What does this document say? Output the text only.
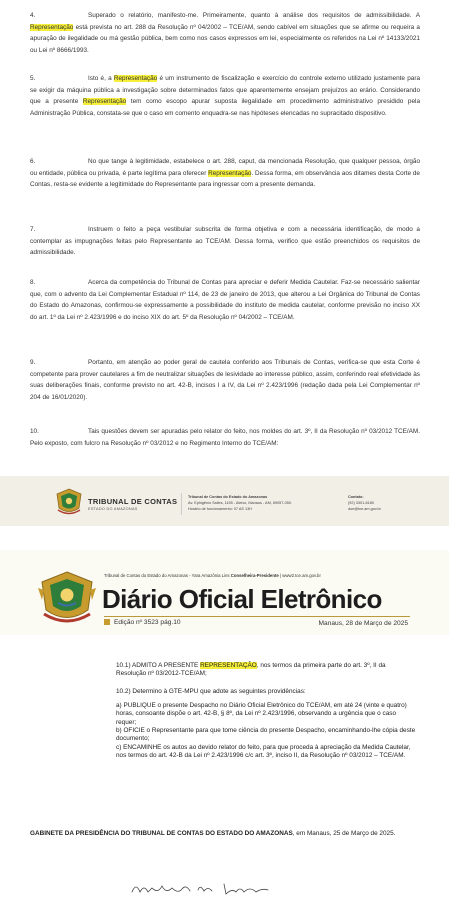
4.	Superado o relatório, manifesto-me. Primeiramente, quanto à análise dos requisitos de admissibilidade. A Representação está prevista no art. 288 da Resolução nº 04/2002 – TCE/AM, sendo cabível em situações que se afirme ou requeira a apuração de ilegalidade ou má gestão pública, bem como nos casos expressos em lei, especialmente os referidos na Lei nº 14133/2021 ou Lei nº 8666/1993.
5.	Isto é, a Representação é um instrumento de fiscalização e exercício do controle externo utilizado justamente para se exigir da máquina pública a investigação sobre determinados fatos que aparentemente ensejam prejuízos ao erário. Considerando que a presente Representação tem como escopo apurar suposta ilegalidade em procedimento administrativo presidido pela Administração Pública, constata-se que o caso em comento enquadra-se nas hipóteses elencadas no supracitado dispositivo.
6.	No que tange à legitimidade, estabelece o art. 288, caput, da mencionada Resolução, que qualquer pessoa, órgão ou entidade, pública ou privada, é parte legítima para oferecer Representação. Dessa forma, em observância aos ditames desta Corte de Contas, resta-se evidente a legitimidade do Representante para ingressar com a presente demanda.
7.	Instruem o feito a peça vestibular subscrita de forma objetiva e com a necessária identificação, de modo a contemplar as impugnações feitas pelo Representante ao TCE/AM. Dessa forma, verifico que estão preenchidos os requisitos de admissibilidade.
8.	Acerca da competência do Tribunal de Contas para apreciar e deferir Medida Cautelar. Faz-se necessário salientar que, com o advento da Lei Complementar Estadual nº 114, de 23 de janeiro de 2013, que alterou a Lei Orgânica do Tribunal de Contas do Estado do Amazonas, confirmou-se expressamente a possibilidade do instituto de medida cautelar, conforme previsão no inciso XX do art. 1º da Lei nº 2.423/1996 e do inciso XIX do art. 5º da Resolução nº 04/2002 – TCE/AM.
9.	Portanto, em atenção ao poder geral de cautela conferido aos Tribunais de Contas, verifica-se que esta Corte é competente para prover cautelares a fim de neutralizar situações de lesividade ao interesse público, assim, conferindo real efetividade às suas deliberações finais, conforme previsto no art. 42-B, incisos I a IV, da Lei nº 2.423/1996 (redação dada pela Lei Complementar nº 204 de 16/01/2020).
10.	Tais questões devem ser apuradas pelo relator do feito, nos moldes do art. 3º, II da Resolução nº 03/2012 TCE/AM. Pelo exposto, com fulcro na Resolução nº 03/2012 e no Regimento Interno do TCE/AM:
TRIBUNAL DE CONTAS
ESTADO DO AMAZONAS
Tribunal de Contas do Estado do Amazonas
Av. Ephigênio Salles, 1155 - Aleixo, Manaus - AM, 69057-050.
Horário de funcionamento: 07 AS 13H
Contato:
(92) 3301-8180
doe@tce.am.gov.br
Tribunal de Contas do Estado do Amazonas - Yara Amazônia Lins Conselheira-Presidente | www2.tce.am.gov.br
Diário Oficial Eletrônico
Edição nº 3523 pág.10	Manaus, 28 de Março de 2025
10.1) ADMITO A PRESENTE REPRESENTAÇÃO, nos termos da primeira parte do art. 3º, II da Resolução nº 03/2012-TCE/AM;
10.2) Determino à GTE-MPU que adote as seguintes providências:
a) PUBLIQUE o presente Despacho no Diário Oficial Eletrônico do TCE/AM, em até 24 (vinte e quatro) horas, consoante dispõe o art. 42-B, § 8º, da Lei nº 2.423/1996, observando a urgência que o caso requer;
b) OFICIE o Representante para que tome ciência do presente Despacho, encaminhando-lhe cópia deste documento;
c) ENCAMINHE os autos ao devido relator do feito, para que proceda à apreciação da Medida Cautelar, nos termos do art. 42-B da Lei nº 2.423/1996 c/c art. 3º, inciso II, da Resolução nº 03/2012 – TCE/AM.
GABINETE DA PRESIDÊNCIA DO TRIBUNAL DE CONTAS DO ESTADO DO AMAZONAS, em Manaus, 25 de Março de 2025.
